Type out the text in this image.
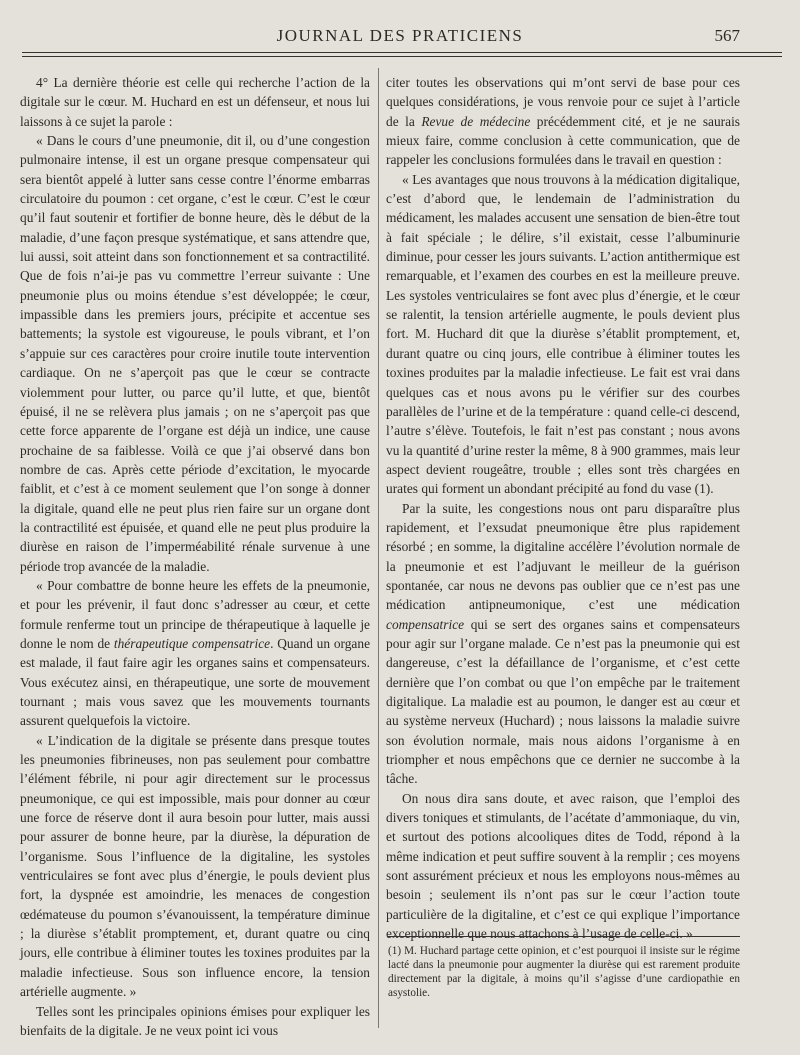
JOURNAL DES PRATICIENS	567

4° La dernière théorie est celle qui recherche l’action de la digitale sur le cœur. M. Huchard en est un défenseur, et nous lui laissons à ce sujet la parole :

« Dans le cours d’une pneumonie, dit il, ou d’une congestion pulmonaire intense, il est un organe presque compensateur qui sera bientôt appelé à lutter sans cesse contre l’énorme embarras circulatoire du poumon : cet organe, c’est le cœur. C’est le cœur qu’il faut soutenir et fortifier de bonne heure, dès le début de la maladie, d’une façon presque systématique, et sans attendre que, lui aussi, soit atteint dans son fonctionnement et sa contractilité. Que de fois n’ai-je pas vu commettre l’erreur suivante : Une pneumonie plus ou moins étendue s’est développée; le cœur, impassible dans les premiers jours, précipite et accentue ses battements; la systole est vigoureuse, le pouls vibrant, et l’on s’appuie sur ces caractères pour croire inutile toute intervention cardiaque. On ne s’aperçoit pas que le cœur se contracte violemment pour lutter, ou parce qu’il lutte, et que, bientôt épuisé, il ne se relèvera plus jamais ; on ne s’aperçoit pas que cette force apparente de l’organe est déjà un indice, une cause prochaine de sa faiblesse. Voilà ce que j’ai observé dans bon nombre de cas. Après cette période d’excitation, le myocarde faiblit, et c’est à ce moment seulement que l’on songe à donner la digitale, quand elle ne peut plus rien faire sur un organe dont la contractilité est épuisée, et quand elle ne peut plus produire la diurèse en raison de l’imperméabilité rénale survenue à une période trop avancée de la maladie.

« Pour combattre de bonne heure les effets de la pneumonie, et pour les prévenir, il faut donc s’adresser au cœur, et cette formule renferme tout un principe de thérapeutique à laquelle je donne le nom de thérapeutique compensatrice. Quand un organe est malade, il faut faire agir les organes sains et compensateurs. Vous exécutez ainsi, en thérapeutique, une sorte de mouvement tournant ; mais vous savez que les mouvements tournants assurent quelquefois la victoire.

« L’indication de la digitale se présente dans presque toutes les pneumonies fibrineuses, non pas seulement pour combattre l’élément fébrile, ni pour agir directement sur le processus pneumonique, ce qui est impossible, mais pour donner au cœur une force de réserve dont il aura besoin pour lutter, mais aussi pour assurer de bonne heure, par la diurèse, la dépuration de l’organisme. Sous l’influence de la digitaline, les systoles ventriculaires se font avec plus d’énergie, le pouls devient plus fort, la dyspnée est amoindrie, les menaces de congestion œdémateuse du poumon s’évanouissent, la température diminue ; la diurèse s’établit promptement, et, durant quatre ou cinq jours, elle contribue à éliminer toutes les toxines produites par la maladie infectieuse. Sous son influence encore, la tension artérielle augmente. »

Telles sont les principales opinions émises pour expliquer les bienfaits de la digitale. Je ne veux point ici vous

citer toutes les observations qui m’ont servi de base pour ces quelques considérations, je vous renvoie pour ce sujet à l’article de la Revue de médecine précédemment cité, et je ne saurais mieux faire, comme conclusion à cette communication, que de rappeler les conclusions formulées dans le travail en question :

« Les avantages que nous trouvons à la médication digitalique, c’est d’abord que, le lendemain de l’administration du médicament, les malades accusent une sensation de bien-être tout à fait spéciale ; le délire, s’il existait, cesse l’albuminurie diminue, pour cesser les jours suivants. L’action antithermique est remarquable, et l’examen des courbes en est la meilleure preuve. Les systoles ventriculaires se font avec plus d’énergie, et le cœur se ralentit, la tension artérielle augmente, le pouls devient plus fort. M. Huchard dit que la diurèse s’établit promptement, et, durant quatre ou cinq jours, elle contribue à éliminer toutes les toxines produites par la maladie infectieuse. Le fait est vrai dans quelques cas et nous avons pu le vérifier sur des courbes parallèles de l’urine et de la température : quand celle-ci descend, l’autre s’élève. Toutefois, le fait n’est pas constant ; nous avons vu la quantité d’urine rester la même, 8 à 900 grammes, mais leur aspect devient rougeâtre, trouble ; elles sont très chargées en urates qui forment un abondant précipité au fond du vase (1).

Par la suite, les congestions nous ont paru disparaître plus rapidement, et l’exsudat pneumonique être plus rapidement résorbé ; en somme, la digitaline accélère l’évolution normale de la pneumonie et est l’adjuvant le meilleur de la guérison spontanée, car nous ne devons pas oublier que ce n’est pas une médication antipneumonique, c’est une médication compensatrice qui se sert des organes sains et compensateurs pour agir sur l’organe malade. Ce n’est pas la pneumonie qui est dangereuse, c’est la défaillance de l’organisme, et c’est cette dernière que l’on combat ou que l’on empêche par le traitement digitalique. La maladie est au poumon, le danger est au cœur et au système nerveux (Huchard) ; nous laissons la maladie suivre son évolution normale, mais nous aidons l’organisme à en triompher et nous empêchons que ce dernier ne succombe à la tâche.

On nous dira sans doute, et avec raison, que l’emploi des divers toniques et stimulants, de l’acétate d’ammoniaque, du vin, et surtout des potions alcooliques dites de Todd, répond à la même indication et peut suffire souvent à la remplir ; ces moyens sont assurément précieux et nous les employons nous-mêmes au besoin ; seulement ils n’ont pas sur le cœur l’action toute particulière de la digitaline, et c’est ce qui explique l’importance exceptionnelle que nous attachons à l’usage de celle-ci. »

(1) M. Huchard partage cette opinion, et c’est pourquoi il insiste sur le régime lacté dans la pneumonie pour augmenter la diurèse qui est rarement produite directement par la digitale, à moins qu’il s’agisse d’une cardiopathie en asystolie.
